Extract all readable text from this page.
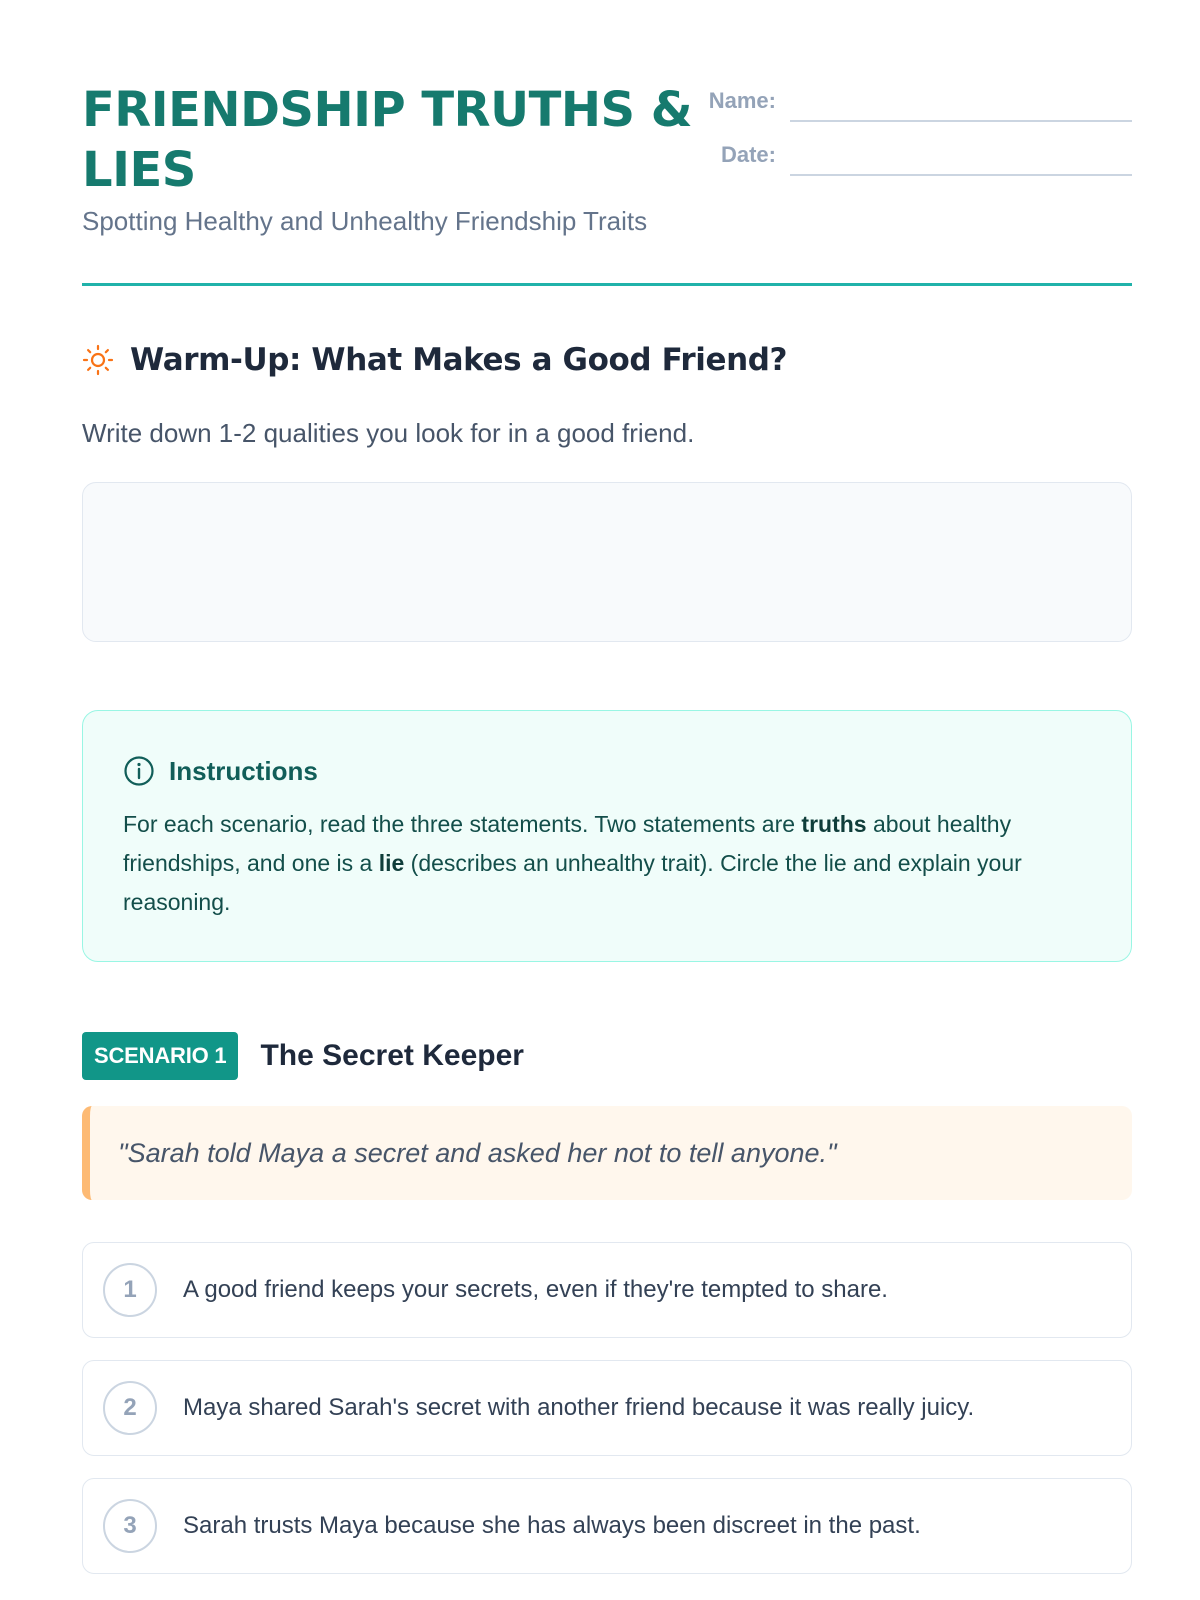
FRIENDSHIP TRUTHS & LIES
Spotting Healthy and Unhealthy Friendship Traits
Name:
Date:
Warm-Up: What Makes a Good Friend?

Write down 1-2 qualities you look for in a good friend.

Instructions

For each scenario, read the three statements. Two statements are truths about healthy friendships, and one is a lie (describes an unhealthy trait). Circle the lie and explain your reasoning.

SCENARIO 1	The Secret Keeper
"Sarah told Maya a secret and asked her not to tell anyone."
1	A good friend keeps your secrets, even if they're tempted to share.
2	Maya shared Sarah's secret with another friend because it was really juicy.
3	Sarah trusts Maya because she has always been discreet in the past.
